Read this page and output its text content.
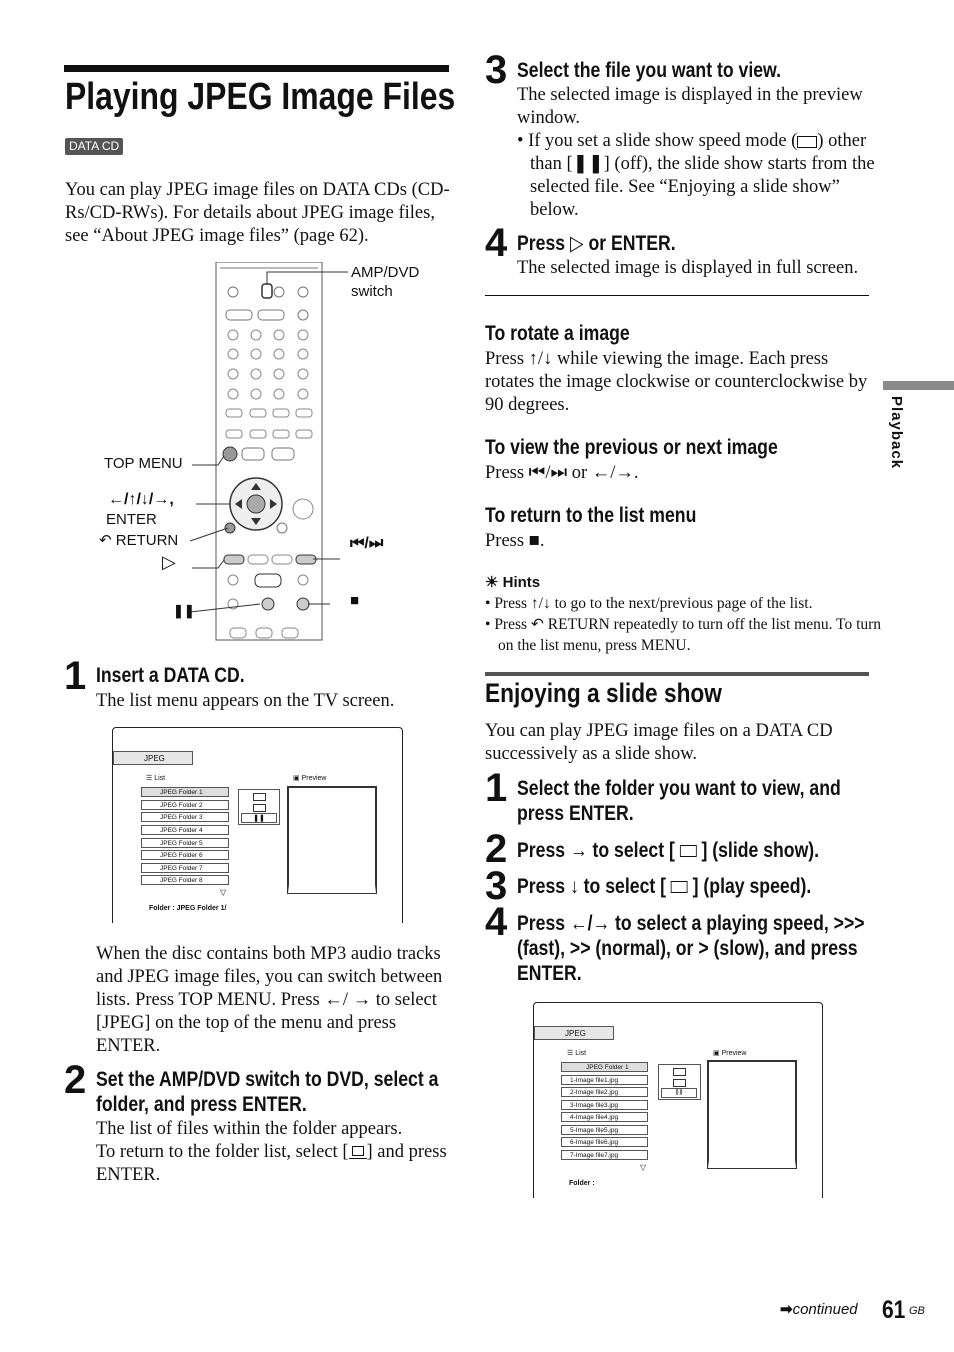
Playing JPEG Image Files
DATA CD
You can play JPEG image files on DATA CDs (CD-Rs/CD-RWs). For details about JPEG image files, see “About JPEG image files” (page 62).
AMP/DVD
switch
TOP MENU
←/↑/↓/→,
ENTER
↶ RETURN	⏮/⏭
▷
❚❚
■
1 Insert a DATA CD.
The list menu appears on the TV screen.
JPEG
☰ List	▣ Preview
JPEG Folder 1
JPEG Folder 2
JPEG Folder 3
JPEG Folder 4
JPEG Folder 5
JPEG Folder 6
JPEG Folder 7
JPEG Folder 8
▽
❚❚
Folder : JPEG Folder 1/
When the disc contains both MP3 audio tracks and JPEG image files, you can switch between lists. Press TOP MENU. Press ←/ → to select [JPEG] on the top of the menu and press ENTER.
2 Set the AMP/DVD switch to DVD, select a folder, and press ENTER.
The list of files within the folder appears.
To return to the folder list, select [ ] and press ENTER.
3 Select the file you want to view.
The selected image is displayed in the preview window.
• If you set a slide show speed mode ( ) other than [❚❚] (off), the slide show starts from the selected file. See “Enjoying a slide show” below.
4 Press ▷ or ENTER.
The selected image is displayed in full screen.
To rotate a image
Press ↑/↓ while viewing the image. Each press rotates the image clockwise or counterclockwise by 90 degrees.
To view the previous or next image
Press ⏮/⏭ or ←/→.
To return to the list menu
Press ■.
☀ Hints
• Press ↑/↓ to go to the next/previous page of the list.
• Press ↶ RETURN repeatedly to turn off the list menu. To turn on the list menu, press MENU.
Enjoying a slide show
You can play JPEG image files on a DATA CD successively as a slide show.
1 Select the folder you want to view, and press ENTER.
2 Press → to select [ ] (slide show).
3 Press ↓ to select [ ] (play speed).
4 Press ←/→ to select a playing speed, >>> (fast), >> (normal), or > (slow), and press ENTER.
JPEG
☰ List	▣ Preview
JPEG Folder 1
1-Image file1.jpg
2-Image file2.jpg
3-Image file3.jpg
4-Image file4.jpg
5-Image file5.jpg
6-Image file6.jpg
7-Image file7.jpg
▽
⟫⟫
Folder :
Playback
➡continued 61 GB
